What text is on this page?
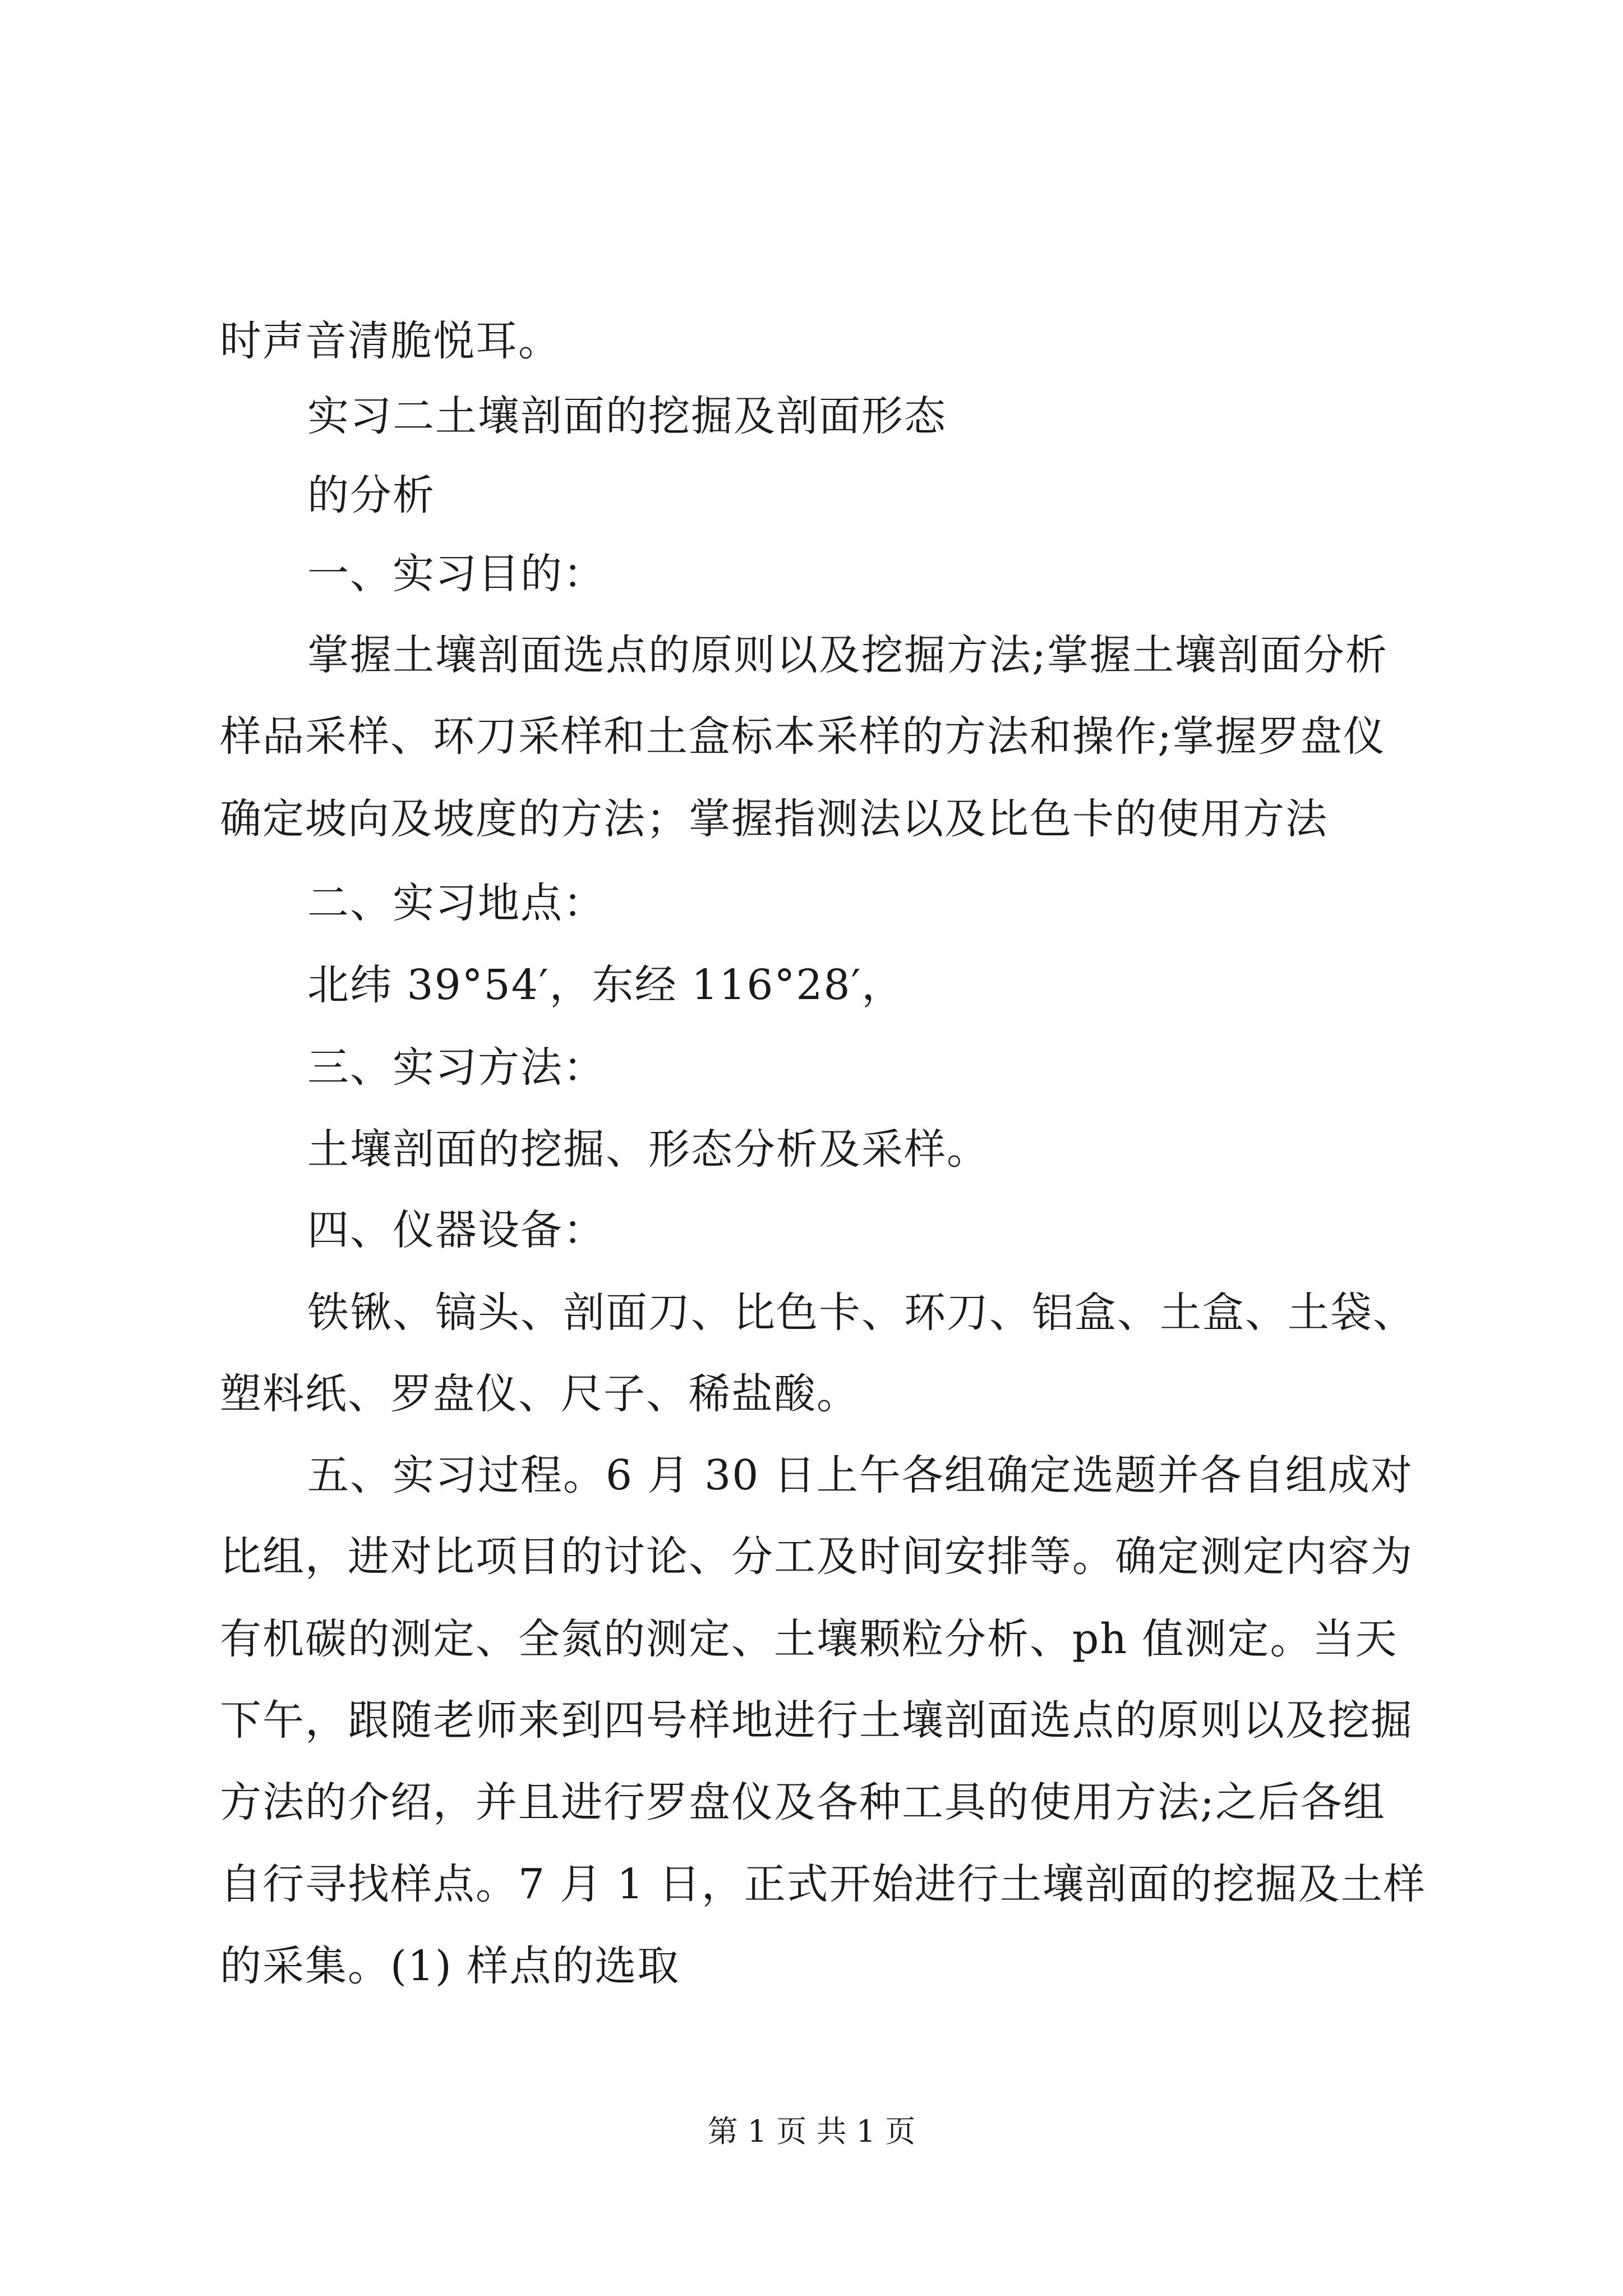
时声音清脆悦耳。
实习二土壤剖面的挖掘及剖面形态
的分析
一、实习目的：
掌握土壤剖面选点的原则以及挖掘方法;掌握土壤剖面分析
样品采样、环刀采样和土盒标本采样的方法和操作;掌握罗盘仪
确定坡向及坡度的方法；掌握指测法以及比色卡的使用方法
二、实习地点：
北纬 39°54′，东经 116°28′，
三、实习方法：
土壤剖面的挖掘、形态分析及采样。
四、仪器设备：
铁锹、镐头、剖面刀、比色卡、环刀、铝盒、土盒、土袋、
塑料纸、罗盘仪、尺子、稀盐酸。
五、实习过程。6 月 30 日上午各组确定选题并各自组成对
比组，进对比项目的讨论、分工及时间安排等。确定测定内容为
有机碳的测定、全氮的测定、土壤颗粒分析、ph 值测定。当天
下午，跟随老师来到四号样地进行土壤剖面选点的原则以及挖掘
方法的介绍，并且进行罗盘仪及各种工具的使用方法;之后各组
自行寻找样点。7 月 1 日，正式开始进行土壤剖面的挖掘及土样
的采集。(1) 样点的选取
第 1 页 共 1 页
